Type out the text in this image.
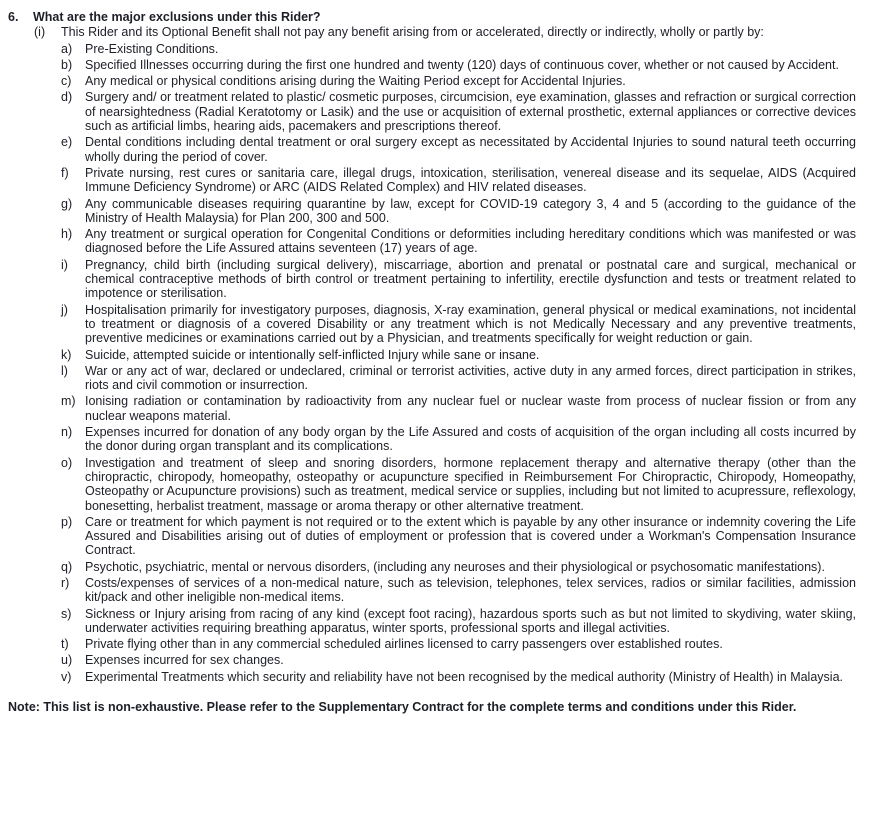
6.	What are the major exclusions under this Rider?
(i)	This Rider and its Optional Benefit shall not pay any benefit arising from or accelerated, directly or indirectly, wholly or partly by:
a)	Pre-Existing Conditions.
b)	Specified Illnesses occurring during the first one hundred and twenty (120) days of continuous cover, whether or not caused by Accident.
c)	Any medical or physical conditions arising during the Waiting Period except for Accidental Injuries.
d)	Surgery and/ or treatment related to plastic/ cosmetic purposes, circumcision, eye examination, glasses and refraction or surgical correction of nearsightedness (Radial Keratotomy or Lasik) and the use or acquisition of external prosthetic, external appliances or corrective devices such as artificial limbs, hearing aids, pacemakers and prescriptions thereof.
e)	Dental conditions including dental treatment or oral surgery except as necessitated by Accidental Injuries to sound natural teeth occurring wholly during the period of cover.
f)	Private nursing, rest cures or sanitaria care, illegal drugs, intoxication, sterilisation, venereal disease and its sequelae, AIDS (Acquired Immune Deficiency Syndrome) or ARC (AIDS Related Complex) and HIV related diseases.
g)	Any communicable diseases requiring quarantine by law, except for COVID-19 category 3, 4 and 5 (according to the guidance of the Ministry of Health Malaysia) for Plan 200, 300 and 500.
h)	Any treatment or surgical operation for Congenital Conditions or deformities including hereditary conditions which was manifested or was diagnosed before the Life Assured attains seventeen (17) years of age.
i)	Pregnancy, child birth (including surgical delivery), miscarriage, abortion and prenatal or postnatal care and surgical, mechanical or chemical contraceptive methods of birth control or treatment pertaining to infertility, erectile dysfunction and tests or treatment related to impotence or sterilisation.
j)	Hospitalisation primarily for investigatory purposes, diagnosis, X-ray examination, general physical or medical examinations, not incidental to treatment or diagnosis of a covered Disability or any treatment which is not Medically Necessary and any preventive treatments, preventive medicines or examinations carried out by a Physician, and treatments specifically for weight reduction or gain.
k)	Suicide, attempted suicide or intentionally self-inflicted Injury while sane or insane.
l)	War or any act of war, declared or undeclared, criminal or terrorist activities, active duty in any armed forces, direct participation in strikes, riots and civil commotion or insurrection.
m) Ionising radiation or contamination by radioactivity from any nuclear fuel or nuclear waste from process of nuclear fission or from any nuclear weapons material.
n)	Expenses incurred for donation of any body organ by the Life Assured and costs of acquisition of the organ including all costs incurred by the donor during organ transplant and its complications.
o)	Investigation and treatment of sleep and snoring disorders, hormone replacement therapy and alternative therapy (other than the chiropractic, chiropody, homeopathy, osteopathy or acupuncture specified in Reimbursement For Chiropractic, Chiropody, Homeopathy, Osteopathy or Acupuncture provisions) such as treatment, medical service or supplies, including but not limited to acupressure, reflexology, bonesetting, herbalist treatment, massage or aroma therapy or other alternative treatment.
p)	Care or treatment for which payment is not required or to the extent which is payable by any other insurance or indemnity covering the Life Assured and Disabilities arising out of duties of employment or profession that is covered under a Workman's Compensation Insurance Contract.
q)	Psychotic, psychiatric, mental or nervous disorders, (including any neuroses and their physiological or psychosomatic manifestations).
r)	Costs/expenses of services of a non-medical nature, such as television, telephones, telex services, radios or similar facilities, admission kit/pack and other ineligible non-medical items.
s)	Sickness or Injury arising from racing of any kind (except foot racing), hazardous sports such as but not limited to skydiving, water skiing, underwater activities requiring breathing apparatus, winter sports, professional sports and illegal activities.
t)	Private flying other than in any commercial scheduled airlines licensed to carry passengers over established routes.
u)	Expenses incurred for sex changes.
v)	Experimental Treatments which security and reliability have not been recognised by the medical authority (Ministry of Health) in Malaysia.
Note: This list is non-exhaustive. Please refer to the Supplementary Contract for the complete terms and conditions under this Rider.
